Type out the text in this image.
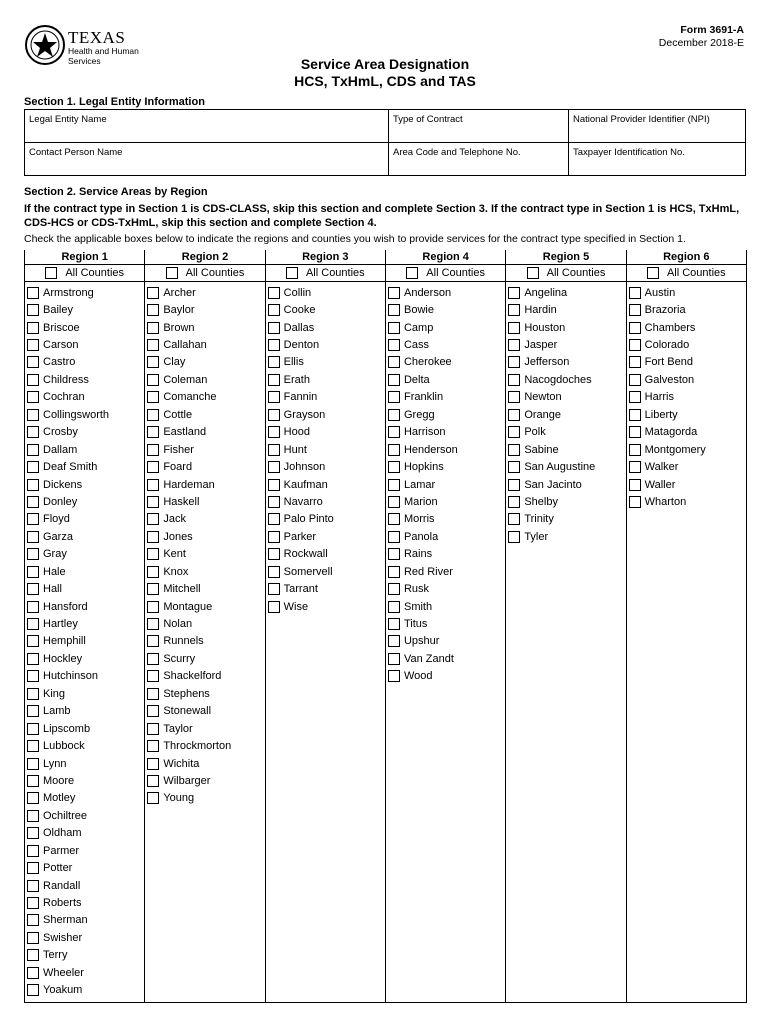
TEXAS
Health and Human Services
Form 3691-A
December 2018-E
Service Area Designation
HCS, TxHmL, CDS and TAS
Section 1. Legal Entity Information
Legal Entity Name	Type of Contract	National Provider Identifier (NPI)
Contact Person Name	Area Code and Telephone No.	Taxpayer Identification No.
Section 2. Service Areas by Region
If the contract type in Section 1 is CDS-CLASS, skip this section and complete Section 3. If the contract type in Section 1 is HCS, TxHmL, CDS-HCS or CDS-TxHmL, skip this section and complete Section 4.
Check the applicable boxes below to indicate the regions and counties you wish to provide services for the contract type specified in Section 1.
Region 1
All Counties
Armstrong
Bailey
Briscoe
Carson
Castro
Childress
Cochran
Collingsworth
Crosby
Dallam
Deaf Smith
Dickens
Donley
Floyd
Garza
Gray
Hale
Hall
Hansford
Hartley
Hemphill
Hockley
Hutchinson
King
Lamb
Lipscomb
Lubbock
Lynn
Moore
Motley
Ochiltree
Oldham
Parmer
Potter
Randall
Roberts
Sherman
Swisher
Terry
Wheeler
Yoakum
Region 2
All Counties
Archer
Baylor
Brown
Callahan
Clay
Coleman
Comanche
Cottle
Eastland
Fisher
Foard
Hardeman
Haskell
Jack
Jones
Kent
Knox
Mitchell
Montague
Nolan
Runnels
Scurry
Shackelford
Stephens
Stonewall
Taylor
Throckmorton
Wichita
Wilbarger
Young
Region 3
All Counties
Collin
Cooke
Dallas
Denton
Ellis
Erath
Fannin
Grayson
Hood
Hunt
Johnson
Kaufman
Navarro
Palo Pinto
Parker
Rockwall
Somervell
Tarrant
Wise
Region 4
All Counties
Anderson
Bowie
Camp
Cass
Cherokee
Delta
Franklin
Gregg
Harrison
Henderson
Hopkins
Lamar
Marion
Morris
Panola
Rains
Red River
Rusk
Smith
Titus
Upshur
Van Zandt
Wood
Region 5
All Counties
Angelina
Hardin
Houston
Jasper
Jefferson
Nacogdoches
Newton
Orange
Polk
Sabine
San Augustine
San Jacinto
Shelby
Trinity
Tyler
Region 6
All Counties
Austin
Brazoria
Chambers
Colorado
Fort Bend
Galveston
Harris
Liberty
Matagorda
Montgomery
Walker
Waller
Wharton
